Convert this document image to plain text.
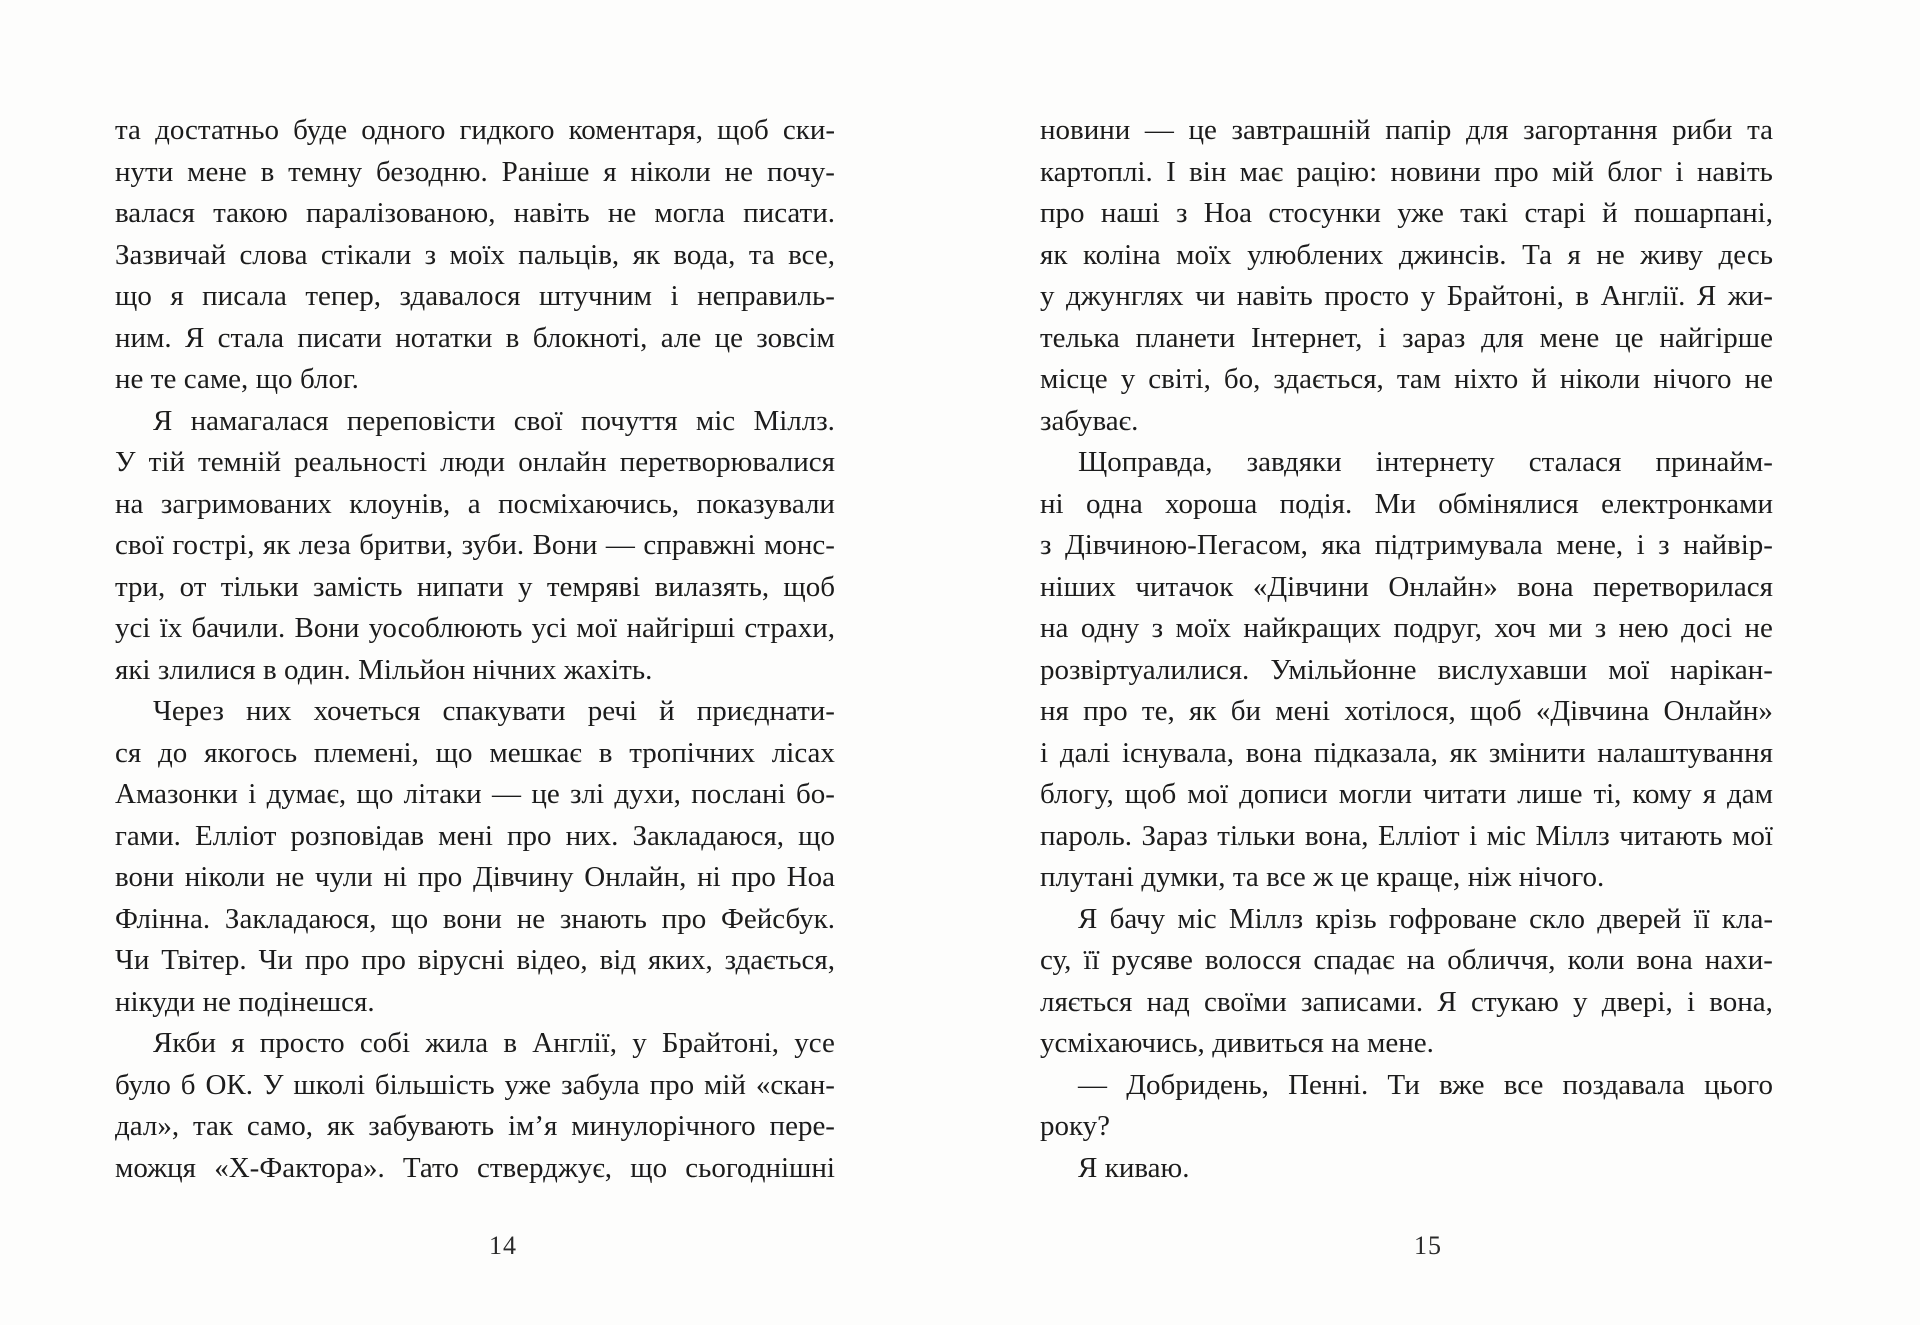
та достатньо буде одного гидкого коментаря, щоб ски-
нути мене в темну безодню. Раніше я ніколи не почу-
валася такою паралізованою, навіть не могла писати.
Зазвичай слова стікали з моїх пальців, як вода, та все,
що я писала тепер, здавалося штучним і неправиль-
ним. Я стала писати нотатки в блокноті, але це зовсім
не те саме, що блог.
Я намагалася переповісти свої почуття міс Міллз.
У тій темній реальності люди онлайн перетворювалися
на загримованих клоунів, а посміхаючись, показували
свої гострі, як леза бритви, зуби. Вони — справжні монс-
три, от тільки замість нипати у темряві вилазять, щоб
усі їх бачили. Вони уособлюють усі мої найгірші страхи,
які злилися в один. Мільйон нічних жахіть.
Через них хочеться спакувати речі й приєднати-
ся до якогось племені, що мешкає в тропічних лісах
Амазонки і думає, що літаки — це злі духи, послані бо-
гами. Елліот розповідав мені про них. Закладаюся, що
вони ніколи не чули ні про Дівчину Онлайн, ні про Ноа
Флінна. Закладаюся, що вони не знають про Фейсбук.
Чи Твітер. Чи про про вірусні відео, від яких, здається,
нікуди не подінешся.
Якби я просто собі жила в Англії, у Брайтоні, усе
було б ОК. У школі більшість уже забула про мій «скан-
дал», так само, як забувають ім’я минулорічного пере-
можця «Х-Фактора». Тато стверджує, що сьогоднішні
14
новини — це завтрашній папір для загортання риби та
картоплі. І він має рацію: новини про мій блог і навіть
про наші з Ноа стосунки уже такі старі й пошарпані,
як коліна моїх улюблених джинсів. Та я не живу десь
у джунглях чи навіть просто у Брайтоні, в Англії. Я жи-
телька планети Інтернет, і зараз для мене це найгірше
місце у світі, бо, здається, там ніхто й ніколи нічого не
забуває.
Щоправда, завдяки інтернету сталася принайм-
ні одна хороша подія. Ми обмінялися електронками
з Дівчиною-Пегасом, яка підтримувала мене, і з найвір-
ніших читачок «Дівчини Онлайн» вона перетворилася
на одну з моїх найкращих подруг, хоч ми з нею досі не
розвіртуалилися. Умільйонне вислухавши мої нарікан-
ня про те, як би мені хотілося, щоб «Дівчина Онлайн»
і далі існувала, вона підказала, як змінити налаштування
блогу, щоб мої дописи могли читати лише ті, кому я дам
пароль. Зараз тільки вона, Елліот і міс Міллз читають мої
плутані думки, та все ж це краще, ніж нічого.
Я бачу міс Міллз крізь гофроване скло дверей її кла-
су, її русяве волосся спадає на обличчя, коли вона нахи-
ляється над своїми записами. Я стукаю у двері, і вона,
усміхаючись, дивиться на мене.
— Добридень, Пенні. Ти вже все поздавала цього
року?
Я киваю.
15
